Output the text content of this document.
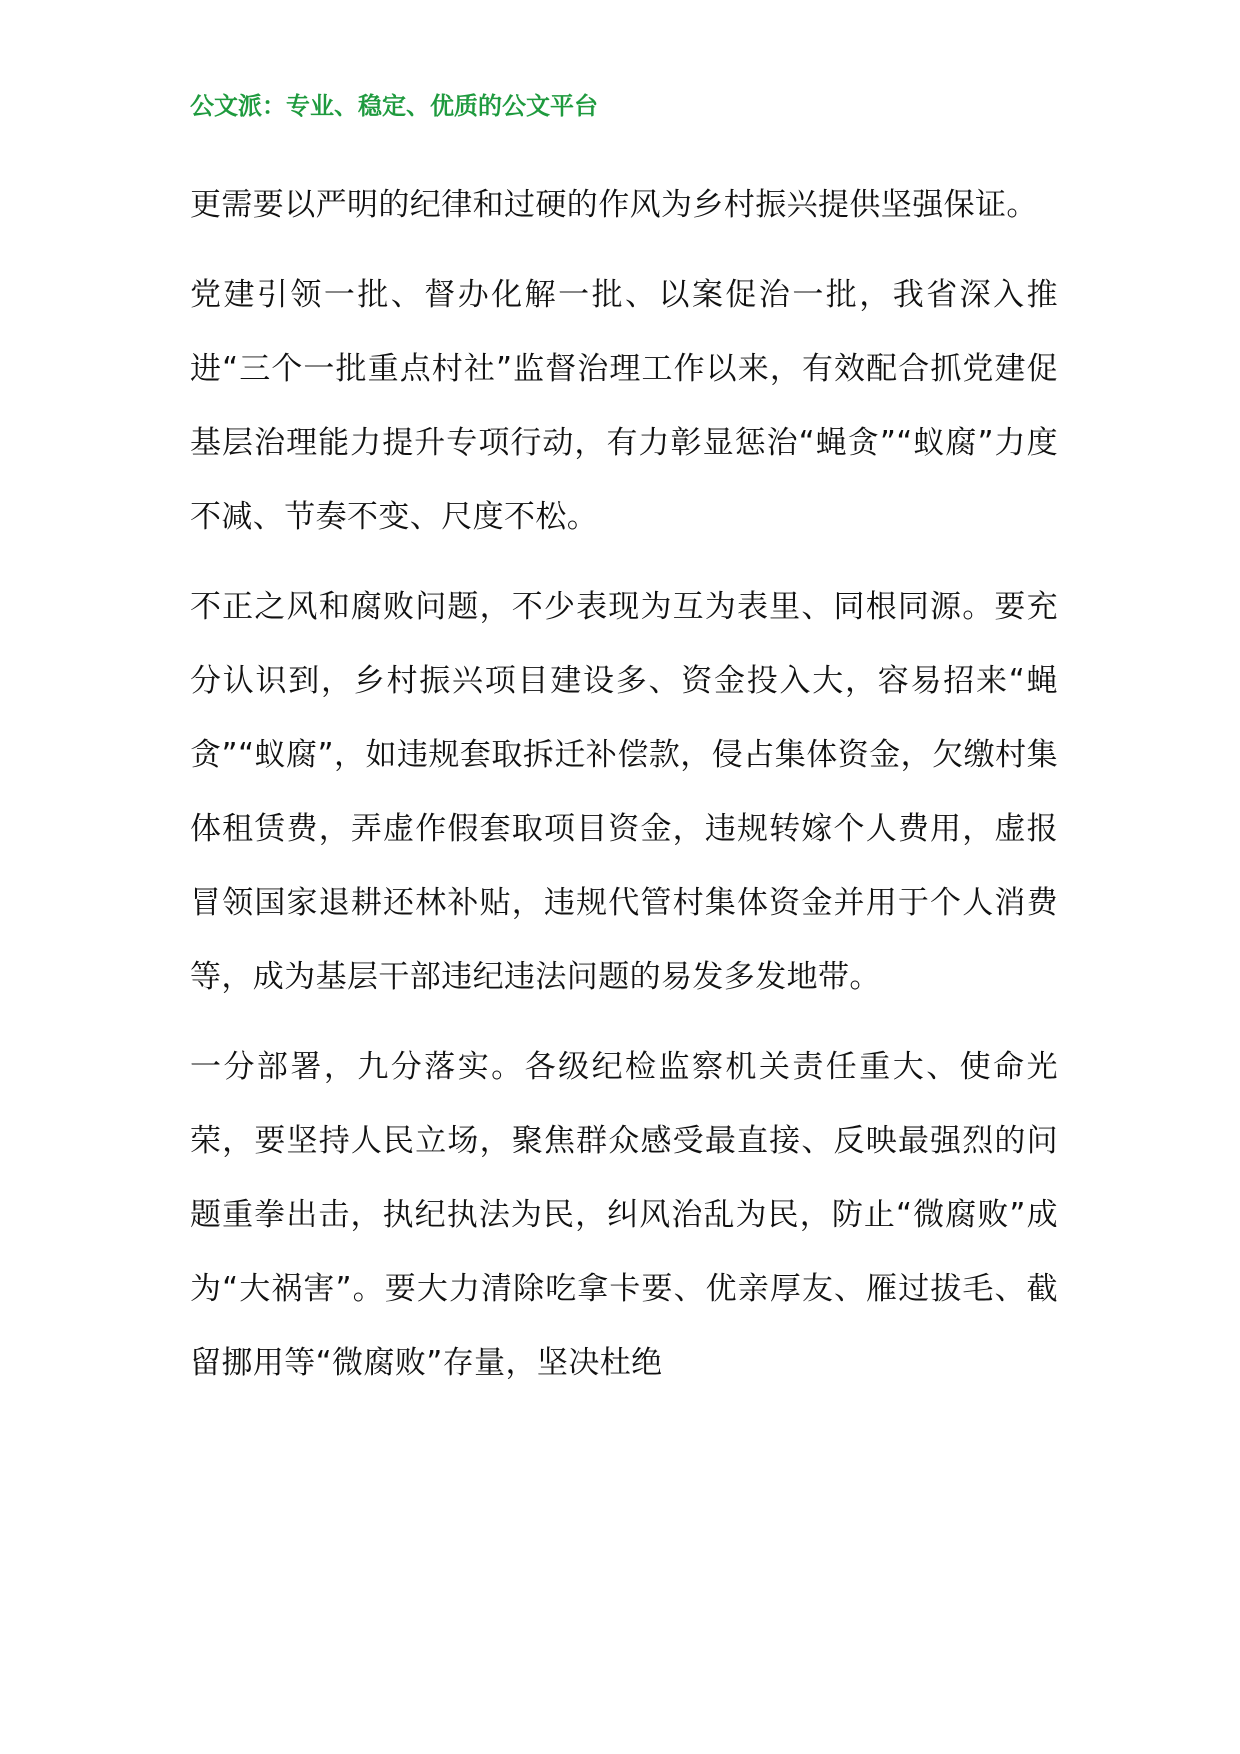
公文派：专业、稳定、优质的公文平台

更需要以严明的纪律和过硬的作风为乡村振兴提供坚强保证。

党建引领一批、督办化解一批、以案促治一批，我省深入推进“三个一批重点村社”监督治理工作以来，有效配合抓党建促基层治理能力提升专项行动，有力彰显惩治“蝇贪”“蚁腐”力度不减、节奏不变、尺度不松。

不正之风和腐败问题，不少表现为互为表里、同根同源。要充分认识到，乡村振兴项目建设多、资金投入大，容易招来“蝇贪”“蚁腐”，如违规套取拆迁补偿款，侵占集体资金，欠缴村集体租赁费，弄虚作假套取项目资金，违规转嫁个人费用，虚报冒领国家退耕还林补贴，违规代管村集体资金并用于个人消费等，成为基层干部违纪违法问题的易发多发地带。

一分部署，九分落实。各级纪检监察机关责任重大、使命光荣，要坚持人民立场，聚焦群众感受最直接、反映最强烈的问题重拳出击，执纪执法为民，纠风治乱为民，防止“微腐败”成为“大祸害”。要大力清除吃拿卡要、优亲厚友、雁过拔毛、截留挪用等“微腐败”存量，坚决杜绝
